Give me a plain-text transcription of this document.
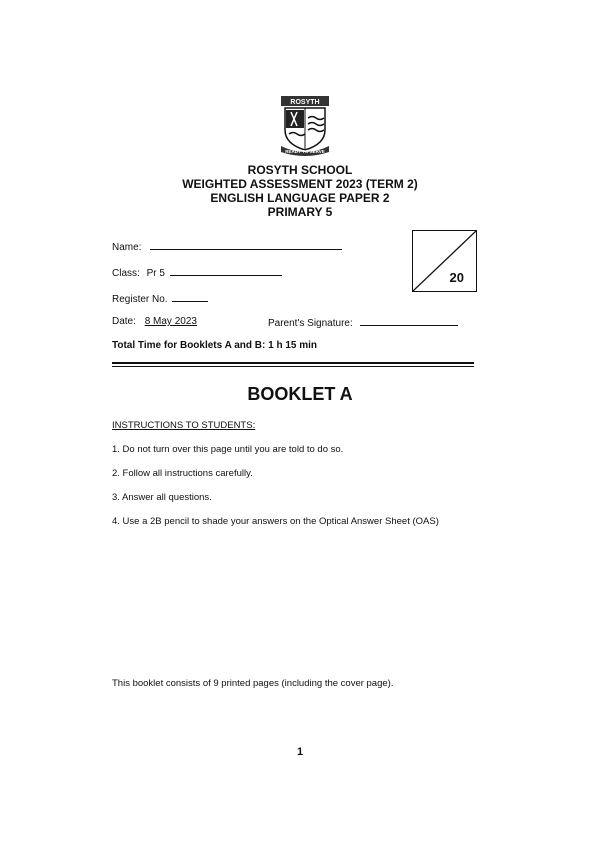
ROSYTH
READY TO SERVE
ROSYTH SCHOOL
WEIGHTED ASSESSMENT 2023 (TERM 2)
ENGLISH LANGUAGE PAPER 2
PRIMARY 5
Name:
Class: Pr 5
Register No.
Date: 8 May 2023	Parent's Signature:
Total Time for Booklets A and B: 1 h 15 min
20
BOOKLET A
INSTRUCTIONS TO STUDENTS:
1. Do not turn over this page until you are told to do so.
2. Follow all instructions carefully.
3. Answer all questions.
4. Use a 2B pencil to shade your answers on the Optical Answer Sheet (OAS)
This booklet consists of 9 printed pages (including the cover page).
1
